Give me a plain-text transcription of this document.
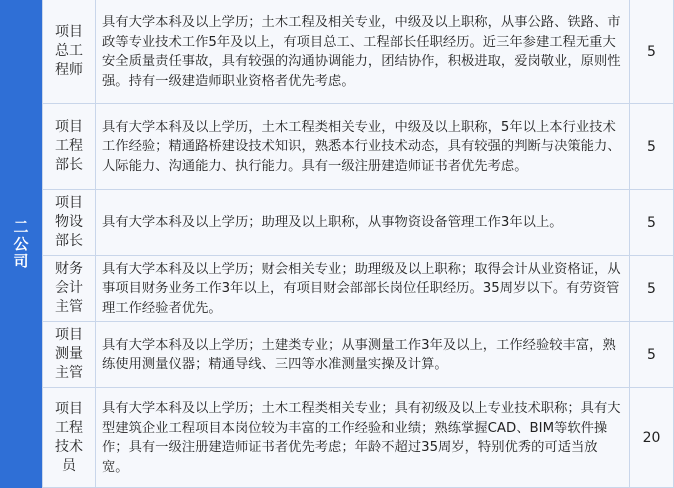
二公司
项目总工程师
具有大学本科及以上学历；土木工程及相关专业，中级及以上职称，从事公路、铁路、市政等专业技术工作5年及以上，有项目总工、工程部长任职经历。近三年参建工程无重大安全质量责任事故，具有较强的沟通协调能力，团结协作，积极进取，爱岗敬业，原则性强。持有一级建造师职业资格者优先考虑。
5
项目工程部长
具有大学本科及以上学历，土木工程类相关专业，中级及以上职称，5年以上本行业技术工作经验；精通路桥建设技术知识，熟悉本行业技术动态，具有较强的判断与决策能力、人际能力、沟通能力、执行能力。具有一级注册建造师证书者优先考虑。
5
项目物设部长
具有大学本科及以上学历；助理及以上职称，从事物资设备管理工作3年以上。	5
财务会计主管
具有大学本科及以上学历；财会相关专业；助理级及以上职称；取得会计从业资格证，从事项目财务业务工作3年以上，有项目财会部部长岗位任职经历。35周岁以下。有劳资管理工作经验者优先。
5
项目测量主管
具有大学本科及以上学历；土建类专业；从事测量工作3年及以上，工作经验较丰富，熟练使用测量仪器；精通导线、三四等水准测量实操及计算。
5
项目工程技术员
具有大学本科及以上学历；土木工程类相关专业；具有初级及以上专业技术职称；具有大型建筑企业工程项目本岗位较为丰富的工作经验和业绩；熟练掌握CAD、BIM等软件操作；具有一级注册建造师证书者优先考虑；年龄不超过35周岁，特别优秀的可适当放宽。
20
